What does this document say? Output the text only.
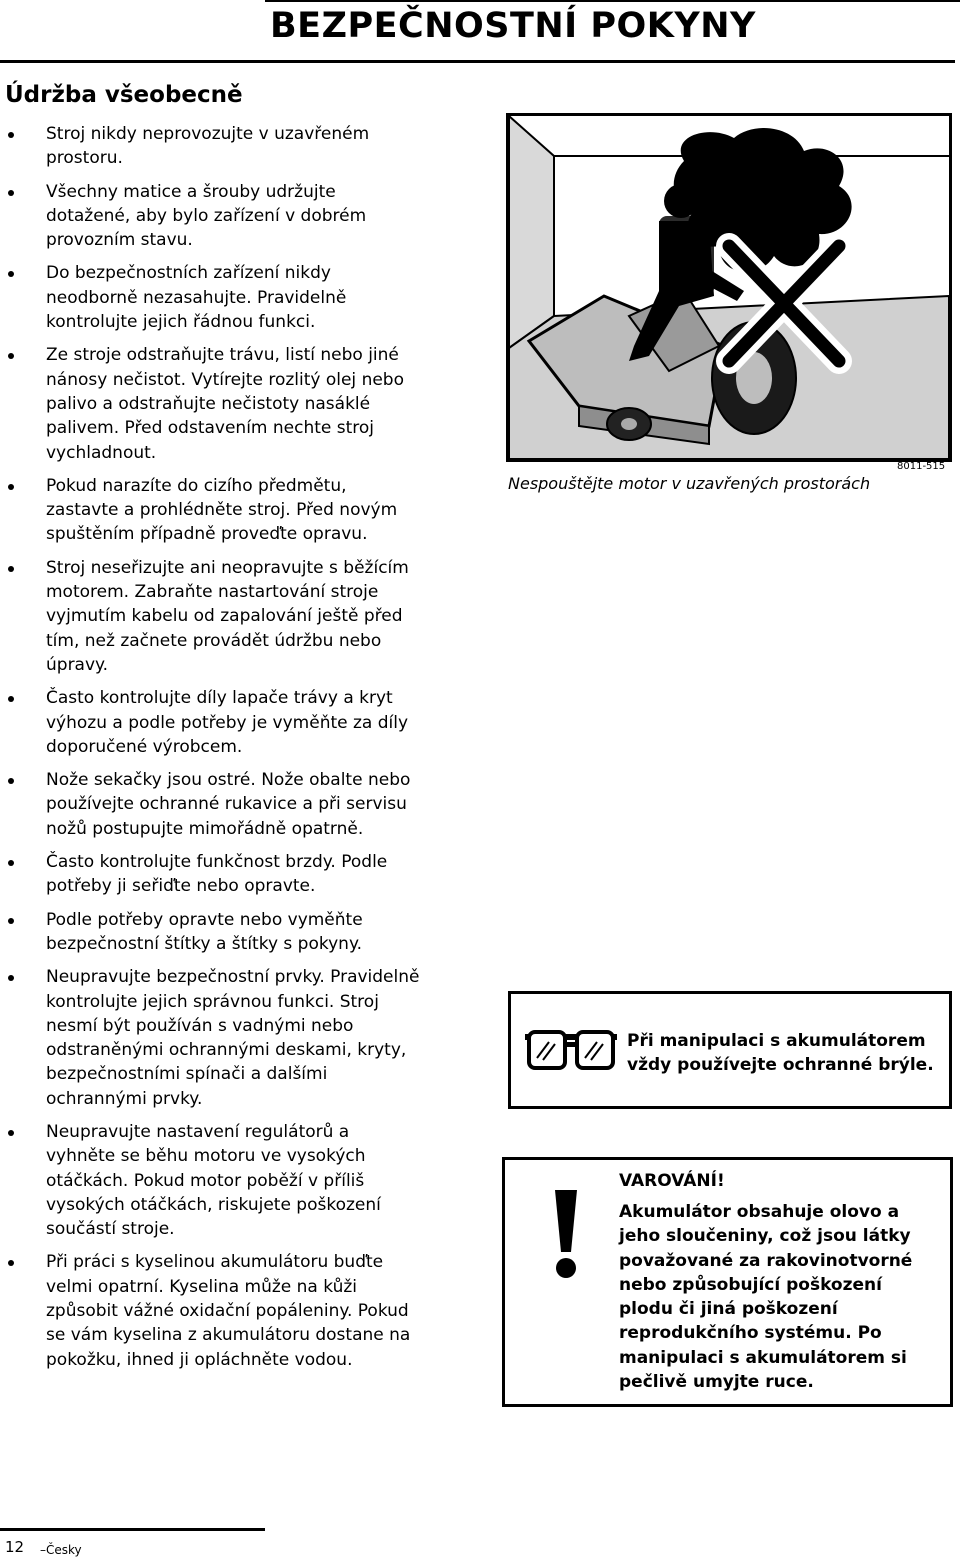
BEZPEČNOSTNÍ POKYNY
Údržba všeobecně
Stroj nikdy neprovozujte v uzavřeném prostoru.
Všechny matice a šrouby udržujte dotažené, aby bylo zařízení v dobrém provozním stavu.
Do bezpečnostních zařízení nikdy neodborně nezasahujte. Pravidelně kontrolujte jejich řádnou funkci.
Ze stroje odstraňujte trávu, listí nebo jiné nánosy nečistot. Vytírejte rozlitý olej nebo palivo a odstraňujte nečistoty nasáklé palivem. Před odstavením nechte stroj vychladnout.
Pokud narazíte do cizího předmětu, zastavte a prohlédněte stroj. Před novým spuštěním případně proveďte opravu.
Stroj neseřizujte ani neopravujte s běžícím motorem. Zabraňte nastartování stroje vyjmutím kabelu od zapalování ještě před tím, než začnete provádět údržbu nebo úpravy.
Často kontrolujte díly lapače trávy a kryt výhozu a podle potřeby je vyměňte za díly doporučené výrobcem.
Nože sekačky jsou ostré. Nože obalte nebo používejte ochranné rukavice a při servisu nožů postupujte mimořádně opatrně.
Často kontrolujte funkčnost brzdy. Podle potřeby ji seřiďte nebo opravte.
Podle potřeby opravte nebo vyměňte bezpečnostní štítky a štítky s pokyny.
Neupravujte bezpečnostní prvky. Pravidelně kontrolujte jejich správnou funkci. Stroj nesmí být používán s vadnými nebo odstraněnými ochrannými deskami, kryty, bezpečnostními spínači a dalšími ochrannými prvky.
Neupravujte nastavení regulátorů a vyhněte se běhu motoru ve vysokých otáčkách. Pokud motor poběží v příliš vysokých otáčkách, riskujete poškození součástí stroje.
Při práci s kyselinou akumulátoru buďte velmi opatrní. Kyselina může na kůži způsobit vážné oxidační popáleniny. Pokud se vám kyselina z akumulátoru dostane na pokožku, ihned ji opláchněte vodou.
Nespouštějte motor v uzavřených prostorách
8011-515
Při manipulaci s akumulátorem vždy používejte ochranné brýle.
VAROVÁNÍ!
Akumulátor obsahuje olovo a jeho sloučeniny, což jsou látky považované za rakovinotvorné nebo způsobující poškození plodu či jiná poškození reprodukčního systému. Po manipulaci s akumulátorem si pečlivě umyjte ruce.
12 –Česky
